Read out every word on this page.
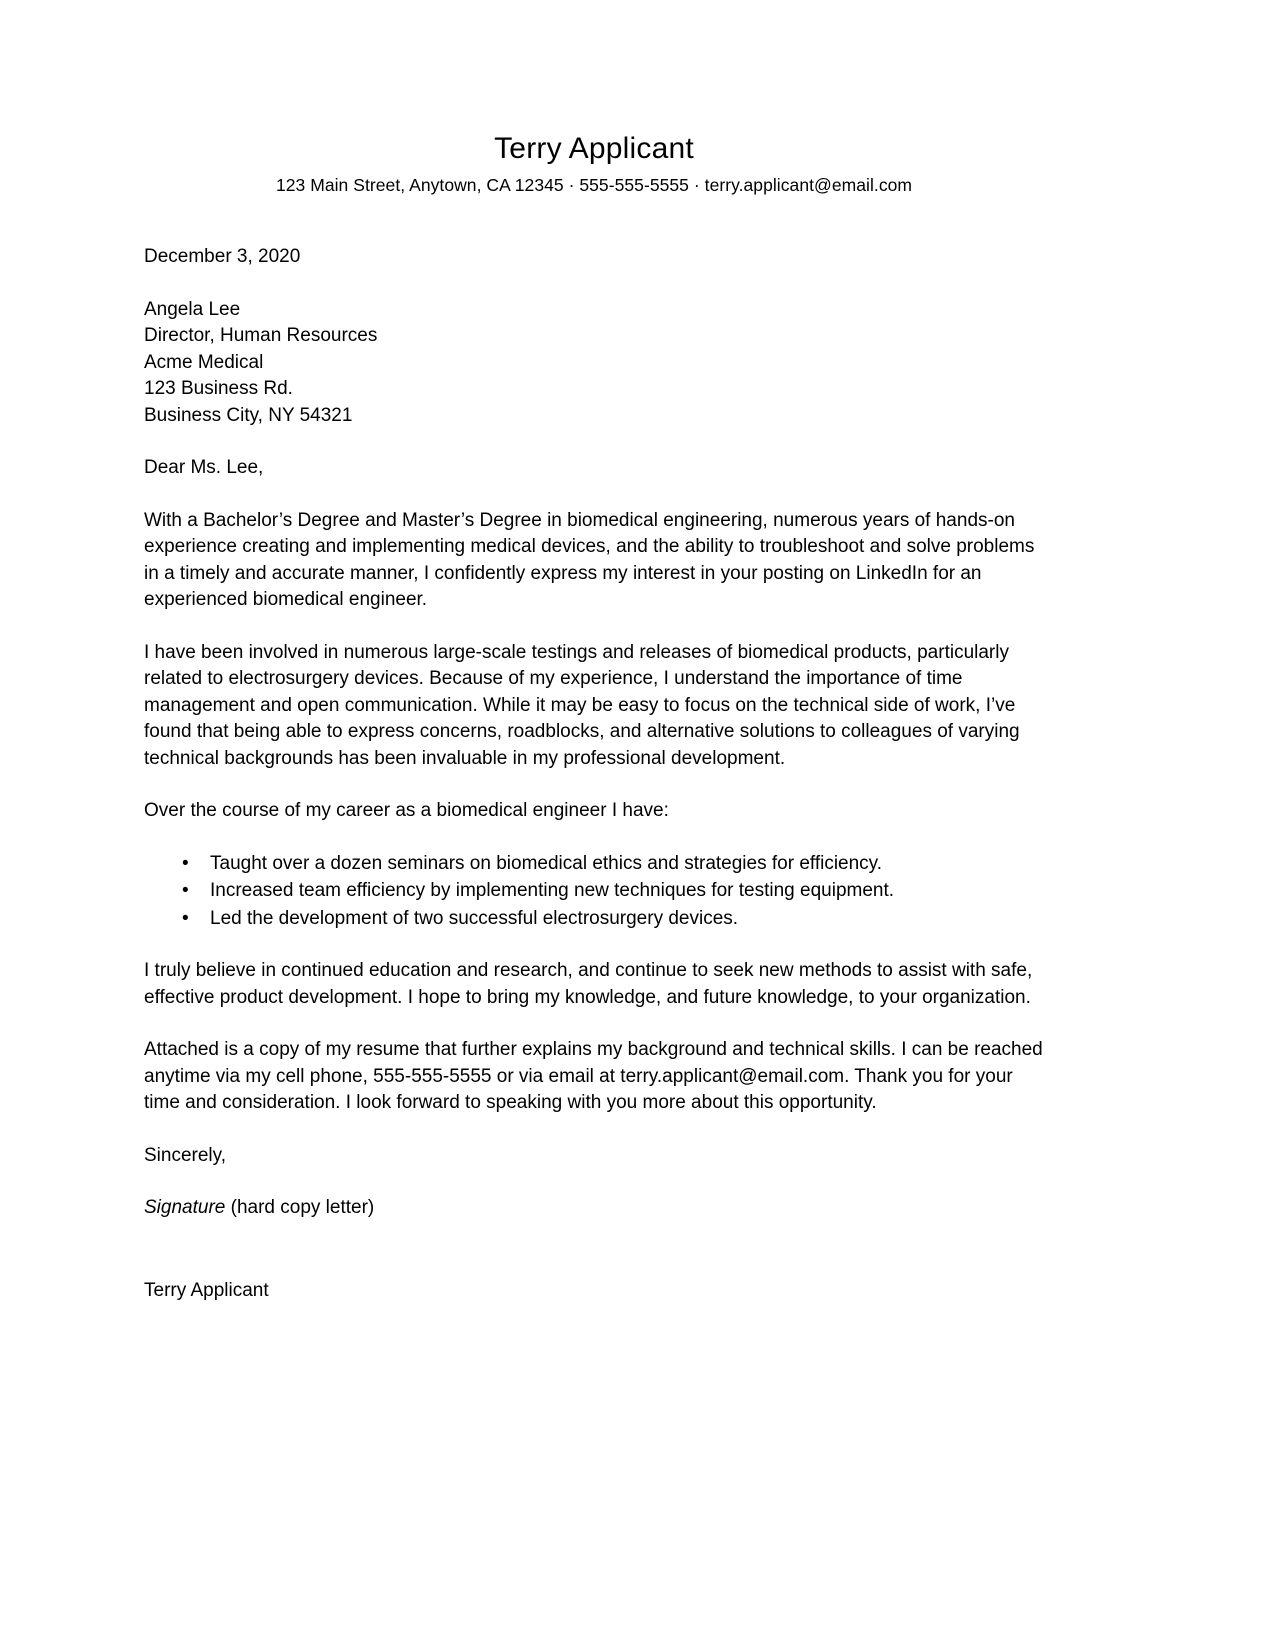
Terry Applicant
123 Main Street, Anytown, CA 12345 · 555-555-5555 · terry.applicant@email.com

December 3, 2020

Angela Lee

Director, Human Resources

Acme Medical

123 Business Rd.

Business City, NY 54321

Dear Ms. Lee,

With a Bachelor’s Degree and Master’s Degree in biomedical engineering, numerous years of hands-on experience creating and implementing medical devices, and the ability to troubleshoot and solve problems in a timely and accurate manner, I confidently express my interest in your posting on LinkedIn for an experienced biomedical engineer.

I have been involved in numerous large-scale testings and releases of biomedical products, particularly related to electrosurgery devices. Because of my experience, I understand the importance of time management and open communication. While it may be easy to focus on the technical side of work, I’ve found that being able to express concerns, roadblocks, and alternative solutions to colleagues of varying technical backgrounds has been invaluable in my professional development.

Over the course of my career as a biomedical engineer I have:

• Taught over a dozen seminars on biomedical ethics and strategies for efficiency.
• Increased team efficiency by implementing new techniques for testing equipment.
• Led the development of two successful electrosurgery devices.

I truly believe in continued education and research, and continue to seek new methods to assist with safe, effective product development. I hope to bring my knowledge, and future knowledge, to your organization.

Attached is a copy of my resume that further explains my background and technical skills. I can be reached anytime via my cell phone, 555-555-5555 or via email at terry.applicant@email.com. Thank you for your time and consideration. I look forward to speaking with you more about this opportunity.

Sincerely,

Signature (hard copy letter)

Terry Applicant
